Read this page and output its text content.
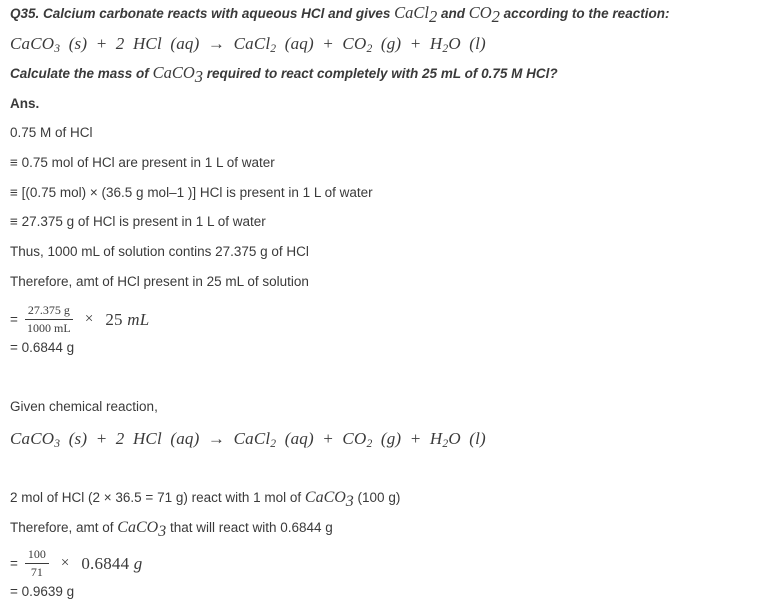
Q35. Calcium carbonate reacts with aqueous HCl and gives CaCl$_2$ and $CO_2$ according to the reaction:
CaCO$_3$ (s) + 2 HCl (aq) → CaCl$_2$ $(aq) + CO_2$ $(g) + H_2O$ (l)
Calculate the mass of CaCO$_3$ required to react completely with 25 mL of 0.75 M HCl?
Ans.
0.75 M of HCl
≡ 0.75 mol of HCl are present in 1 L of water
≡ [(0.75 mol) × (36.5 g mol–1 )] HCl is present in 1 L of water
≡ 27.375 g of HCl is present in 1 L of water
Thus, 1000 mL of solution contins 27.375 g of HCl
Therefore, amt of HCl present in 25 mL of solution
= $\frac{27.375 g}{1000 mL} \times 25$ mL
= 0.6844 g
Given chemical reaction,
CaCO$_3$ (s) + 2 HCl (aq) → CaCl$_2$ $(aq) + CO_2$ $(g) + H_2O$ (l)
2 mol of HCl (2 × 36.5 = 71 g) react with 1 mol of CaCO$_3$ (100 g)
Therefore, amt of CaCO$_3$ that will react with 0.6844 g
= $\frac{100}{71} \times 0.6844$ g
= 0.9639 g
